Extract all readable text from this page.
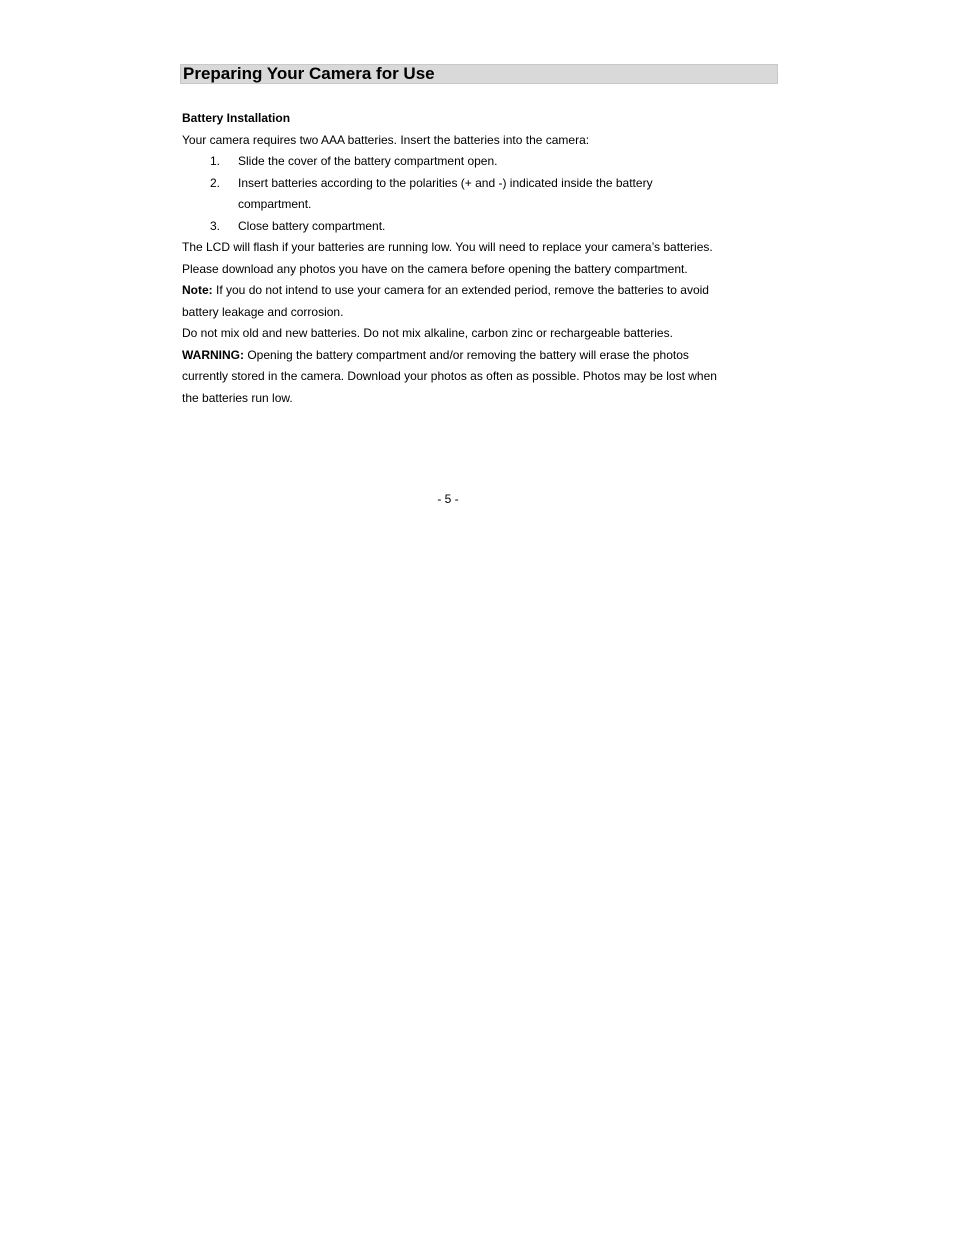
Preparing Your Camera for Use

Battery Installation

Your camera requires two AAA batteries. Insert the batteries into the camera:

1. Slide the cover of the battery compartment open.
2. Insert batteries according to the polarities (+ and -) indicated inside the battery compartment.
3. Close battery compartment.

The LCD will flash if your batteries are running low. You will need to replace your camera’s batteries. Please download any photos you have on the camera before opening the battery compartment.

Note: If you do not intend to use your camera for an extended period, remove the batteries to avoid battery leakage and corrosion.

Do not mix old and new batteries. Do not mix alkaline, carbon zinc or rechargeable batteries.

WARNING: Opening the battery compartment and/or removing the battery will erase the photos currently stored in the camera. Download your photos as often as possible. Photos may be lost when the batteries run low.

- 5 -
